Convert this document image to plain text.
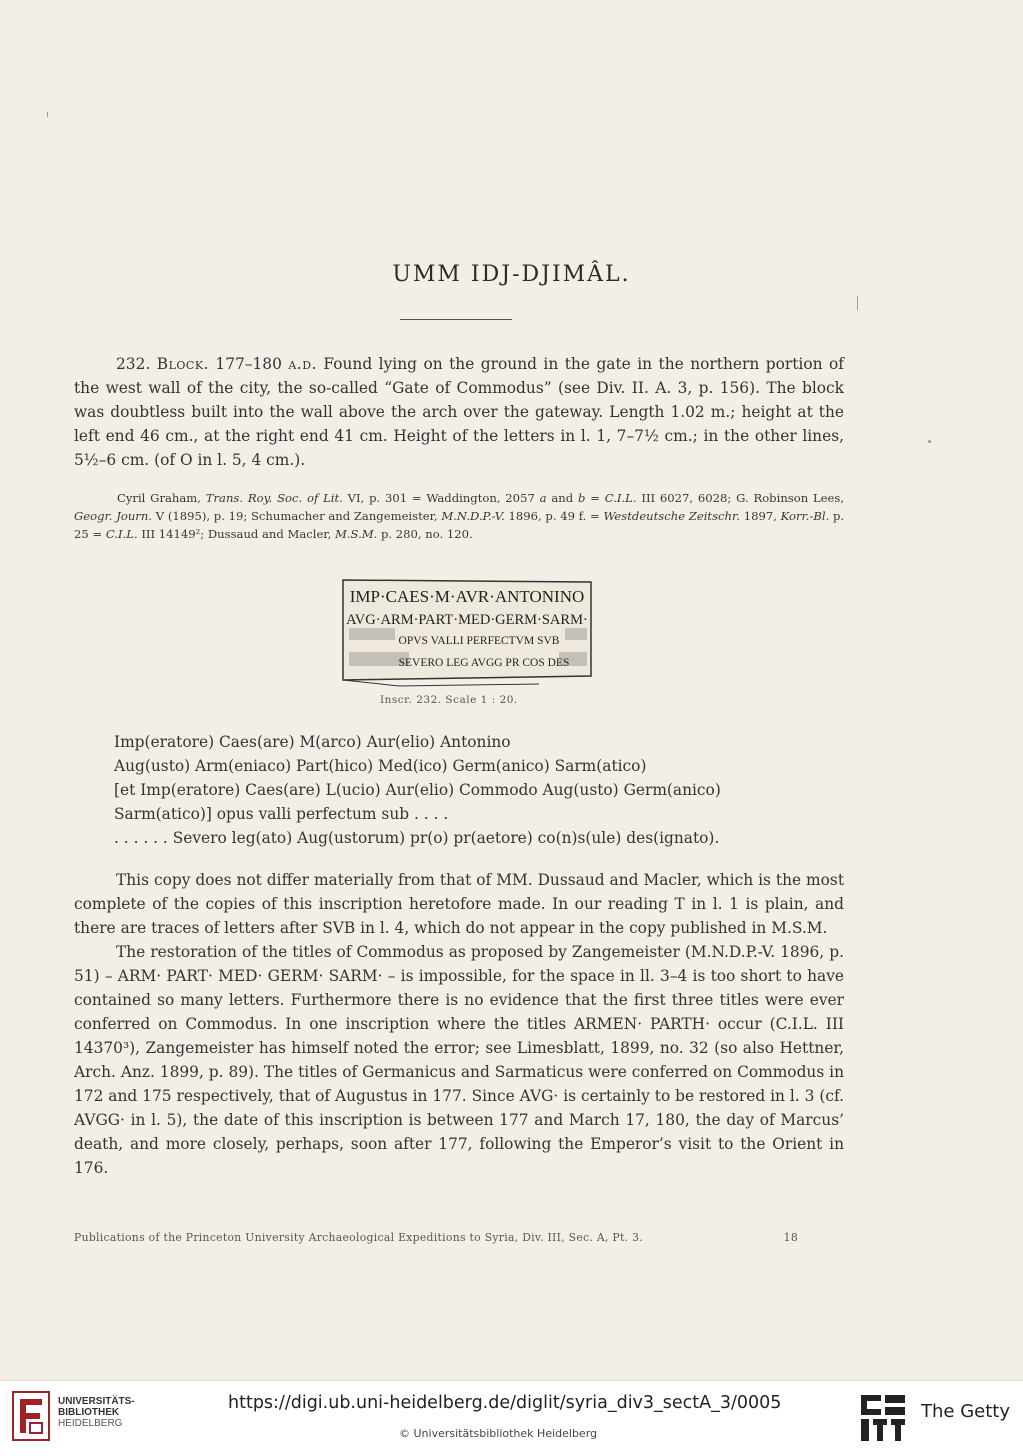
UMM IDJ-DJIMÂL.
232. Block. 177–180 a.d. Found lying on the ground in the gate in the northern portion of the west wall of the city, the so-called “Gate of Commodus” (see Div. II. A. 3, p. 156). The block was doubtless built into the wall above the arch over the gateway. Length 1.02 m.; height at the left end 46 cm., at the right end 41 cm. Height of the letters in l. 1, 7–7½ cm.; in the other lines, 5½–6 cm. (of O in l. 5, 4 cm.).
Cyril Graham, Trans. Roy. Soc. of Lit. VI, p. 301 = Waddington, 2057 a and b = C.I.L. III 6027, 6028; G. Robinson Lees, Geogr. Journ. V (1895), p. 19; Schumacher and Zangemeister, M.N.D.P.-V. 1896, p. 49 f. = Westdeutsche Zeitschr. 1897, Korr.-Bl. p. 25 = C.I.L. III 14149²; Dussaud and Macler, M.S.M. p. 280, no. 120.
IMP·CAES·M·AVR·ANTONINO
AVG·ARM·PART·MED·GERM·SARM·
OPVS VALLI PERFECTVM SVB
SEVERO LEG AVGG PR COS DES
Inscr. 232. Scale 1 : 20.
Imp(eratore) Caes(are) M(arco) Aur(elio) Antonino
Aug(usto) Arm(eniaco) Part(hico) Med(ico) Germ(anico) Sarm(atico)
[et Imp(eratore) Caes(are) L(ucio) Aur(elio) Commodo Aug(usto) Germ(anico)
Sarm(atico)] opus valli perfectum sub . . . .
. . . . . . Severo leg(ato) Aug(ustorum) pr(o) pr(aetore) co(n)s(ule) des(ignato).
This copy does not differ materially from that of MM. Dussaud and Macler, which is the most complete of the copies of this inscription heretofore made. In our reading T in l. 1 is plain, and there are traces of letters after SVB in l. 4, which do not appear in the copy published in M.S.M.
The restoration of the titles of Commodus as proposed by Zangemeister (M.N.D.P.-V. 1896, p. 51) – ARM· PART· MED· GERM· SARM· – is impossible, for the space in ll. 3–4 is too short to have contained so many letters. Furthermore there is no evidence that the first three titles were ever conferred on Commodus. In one inscription where the titles ARMEN· PARTH· occur (C.I.L. III 14370³), Zangemeister has himself noted the error; see Limesblatt, 1899, no. 32 (so also Hettner, Arch. Anz. 1899, p. 89). The titles of Germanicus and Sarmaticus were conferred on Commodus in 172 and 175 respectively, that of Augustus in 177. Since AVG· is certainly to be restored in l. 3 (cf. AVGG· in l. 5), the date of this inscription is between 177 and March 17, 180, the day of Marcus’ death, and more closely, perhaps, soon after 177, following the Emperor’s visit to the Orient in 176.
Publications of the Princeton University Archaeological Expeditions to Syria, Div. III, Sec. A, Pt. 3.	18
UNIVERSITÄTS-
BIBLIOTHEK
HEIDELBERG
https://digi.ub.uni-heidelberg.de/diglit/syria_div3_sectA_3/0005
© Universitätsbibliothek Heidelberg
The Getty
